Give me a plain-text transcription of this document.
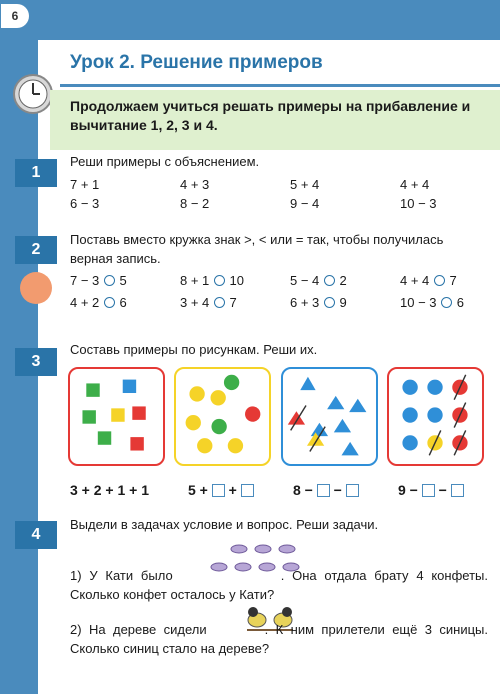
6
Урок 2. Решение примеров
Продолжаем учиться решать примеры на прибавление и вычитание 1, 2, 3 и 4.
1
Реши примеры с объяснением.
7 + 1	4 + 3	5 + 4	4 + 4
6 − 3	8 − 2	9 − 4	10 − 3
2
Поставь вместо кружка знак >, < или = так, чтобы получилась верная запись.
7 − 3 5	8 + 1 10	5 − 4 2	4 + 4 7
4 + 2 6	3 + 4 7	6 + 3 9	10 − 3 6
3
Составь примеры по рисункам. Реши их.
3 + 2 + 1 + 1	5 + +	8 − −	9 − −
4
Выдели в задачах условие и вопрос. Реши задачи.
1) У Кати было	. Она отдала брату 4 конфеты. Сколько конфет осталось у Кати?
2) На дереве сидели	. К ним прилетели ещё 3 синицы. Сколько синиц стало на дереве?
